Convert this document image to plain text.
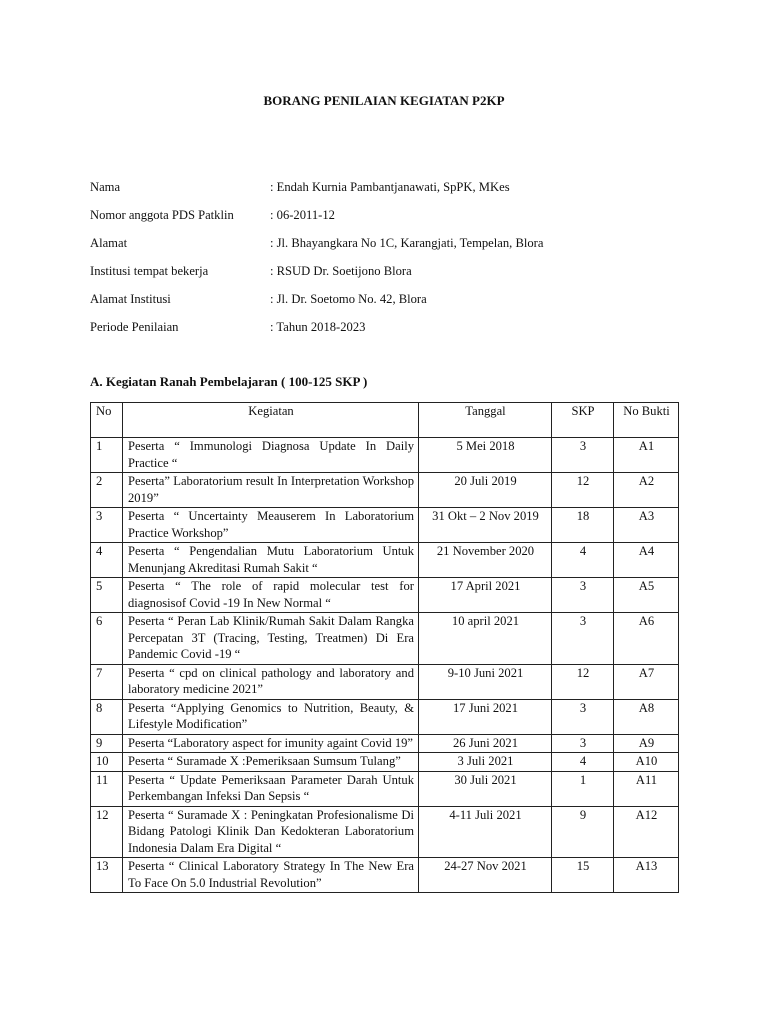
BORANG PENILAIAN KEGIATAN P2KP
Nama	: Endah Kurnia Pambantjanawati, SpPK, MKes
Nomor anggota PDS Patklin	: 06-2011-12
Alamat	: Jl. Bhayangkara No 1C, Karangjati, Tempelan, Blora
Institusi tempat bekerja	: RSUD Dr. Soetijono Blora
Alamat Institusi	: Jl. Dr. Soetomo No. 42, Blora
Periode Penilaian	: Tahun 2018-2023
A. Kegiatan Ranah Pembelajaran ( 100-125 SKP )
No	Kegiatan	Tanggal	SKP	No Bukti
1	Peserta “ Immunologi Diagnosa Update In Daily Practice “	5 Mei 2018	3	A1
2	Peserta” Laboratorium result In Interpretation Workshop 2019”	20 Juli 2019	12	A2
3	Peserta “ Uncertainty Meauserem In Laboratorium Practice Workshop”	31 Okt – 2 Nov 2019	18	A3
4	Peserta “ Pengendalian Mutu Laboratorium Untuk Menunjang Akreditasi Rumah Sakit “	21 November 2020	4	A4
5	Peserta “ The role of rapid molecular test for diagnosisof Covid -19 In New Normal “	17 April 2021	3	A5
6	Peserta “ Peran Lab Klinik/Rumah Sakit Dalam Rangka Percepatan 3T (Tracing, Testing, Treatmen) Di Era Pandemic Covid -19 “	10 april 2021	3	A6
7	Peserta “ cpd on clinical pathology and laboratory and laboratory medicine 2021”	9-10 Juni 2021	12	A7
8	Peserta “Applying Genomics to Nutrition, Beauty, & Lifestyle Modification”	17 Juni 2021	3	A8
9	Peserta “Laboratory aspect for imunity againt Covid 19”	26 Juni 2021	3	A9
10	Peserta “ Suramade X :Pemeriksaan Sumsum Tulang”	3 Juli 2021	4	A10
11	Peserta “ Update Pemeriksaan Parameter Darah Untuk Perkembangan Infeksi Dan Sepsis “	30 Juli 2021	1	A11
12	Peserta “ Suramade X : Peningkatan Profesionalisme Di Bidang Patologi Klinik Dan Kedokteran Laboratorium Indonesia Dalam Era Digital “	4-11 Juli 2021	9	A12
13	Peserta “ Clinical Laboratory Strategy In The New Era To Face On 5.0 Industrial Revolution”	24-27 Nov 2021	15	A13
